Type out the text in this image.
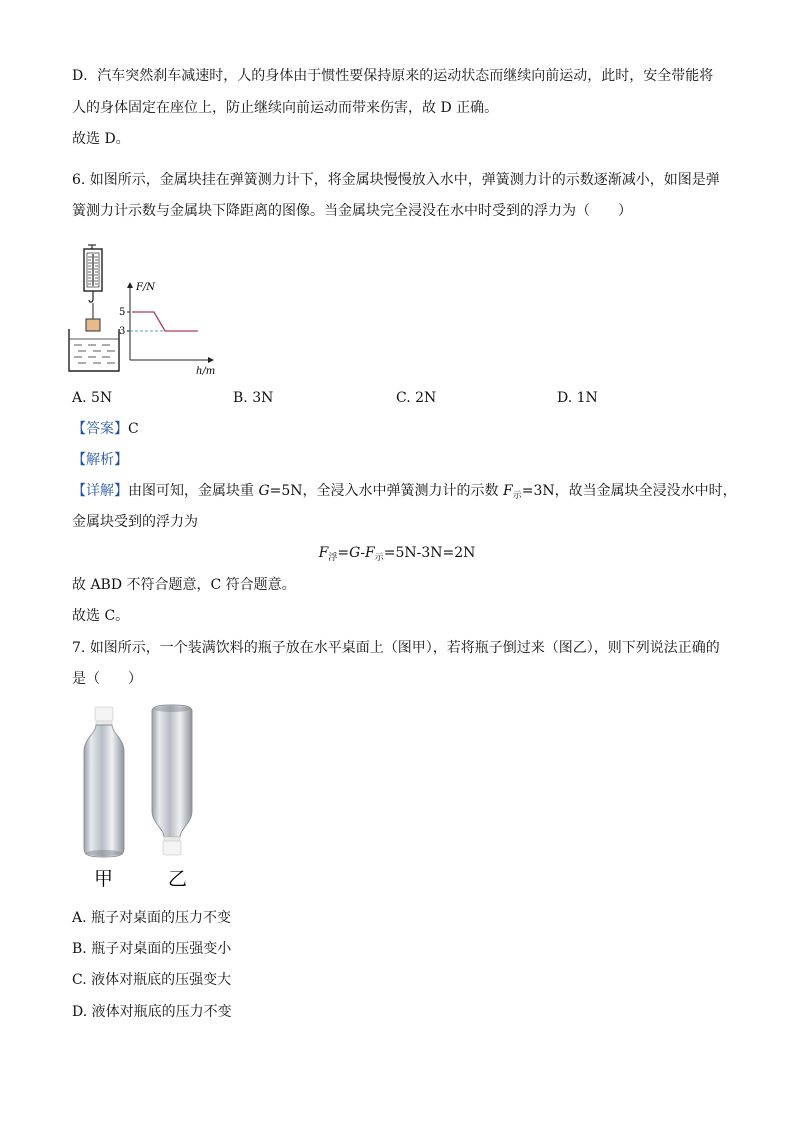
D．汽车突然刹车减速时，人的身体由于惯性要保持原来的运动状态而继续向前运动，此时，安全带能将
人的身体固定在座位上，防止继续向前运动而带来伤害，故 D 正确。
故选 D。
6. 如图所示，金属块挂在弹簧测力计下，将金属块慢慢放入水中，弹簧测力计的示数逐渐减小，如图是弹
簧测力计示数与金属块下降距离的图像。当金属块完全浸没在水中时受到的浮力为（　　）
F/N
h/m
5
3
A. 5N	B. 3N	C. 2N	D. 1N
【答案】C
【解析】
【详解】由图可知，金属块重 G=5N，全浸入水中弹簧测力计的示数 $F_示=3N$，故当金属块全浸没水中时，
金属块受到的浮力为
$F_浮=G-F_示=5N-3N=2N$
故 ABD 不符合题意，C 符合题意。
故选 C。
7. 如图所示，一个装满饮料的瓶子放在水平桌面上（图甲），若将瓶子倒过来（图乙），则下列说法正确的
是（　　）
甲	乙
A. 瓶子对桌面的压力不变
B. 瓶子对桌面的压强变小
C. 液体对瓶底的压强变大
D. 液体对瓶底的压力不变
